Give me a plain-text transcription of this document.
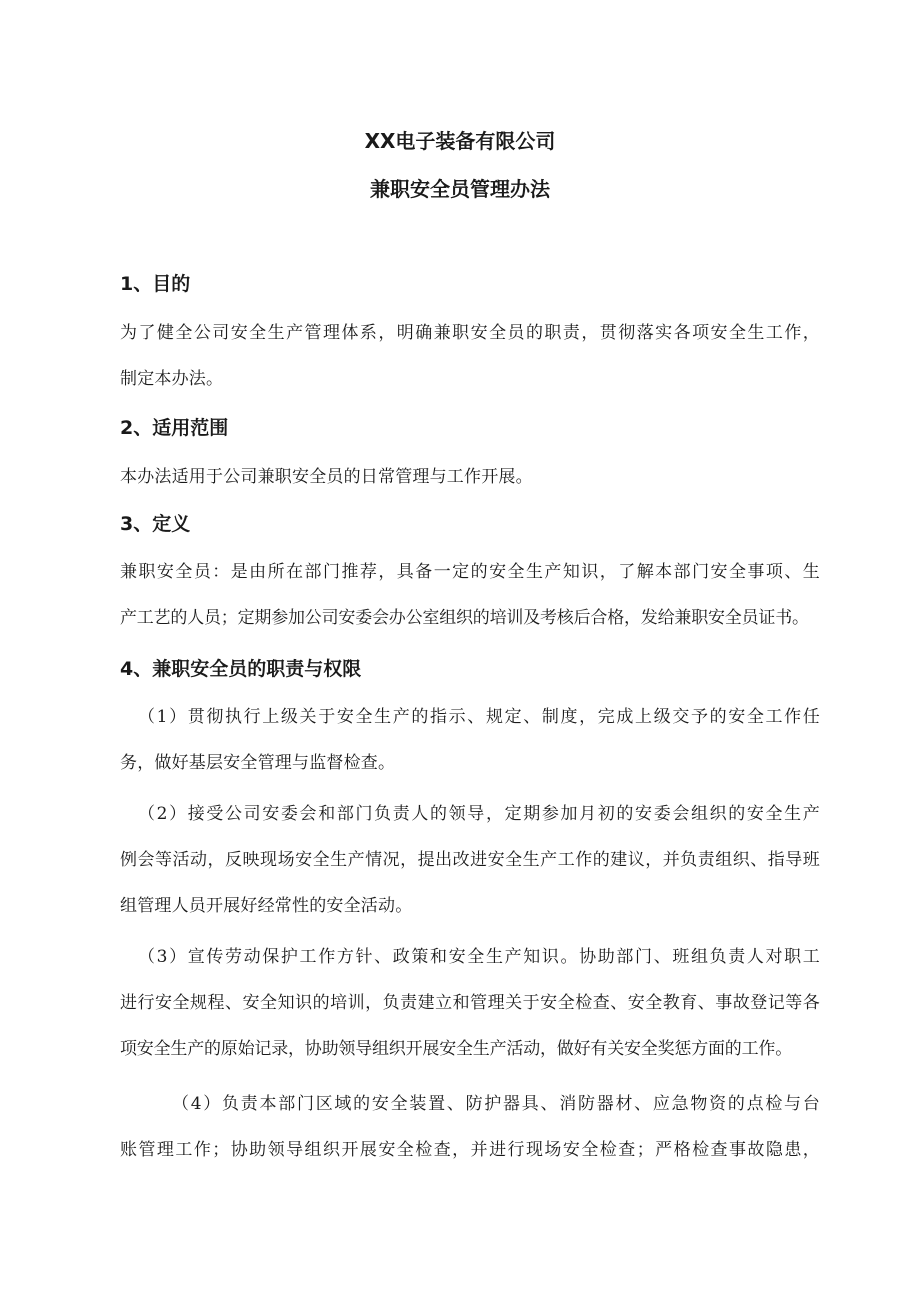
XX电子装备有限公司
兼职安全员管理办法
1、目的
为了健全公司安全生产管理体系，明确兼职安全员的职责，贯彻落实各项安全生工作，
制定本办法。
2、适用范围
本办法适用于公司兼职安全员的日常管理与工作开展。
3、定义
兼职安全员：是由所在部门推荐，具备一定的安全生产知识，了解本部门安全事项、生
产工艺的人员；定期参加公司安委会办公室组织的培训及考核后合格，发给兼职安全员证书。
4、兼职安全员的职责与权限
（1）贯彻执行上级关于安全生产的指示、规定、制度，完成上级交予的安全工作任
务，做好基层安全管理与监督检查。
（2）接受公司安委会和部门负责人的领导，定期参加月初的安委会组织的安全生产
例会等活动，反映现场安全生产情况，提出改进安全生产工作的建议，并负责组织、指导班
组管理人员开展好经常性的安全活动。
（3）宣传劳动保护工作方针、政策和安全生产知识。协助部门、班组负责人对职工
进行安全规程、安全知识的培训，负责建立和管理关于安全检查、安全教育、事故登记等各
项安全生产的原始记录，协助领导组织开展安全生产活动，做好有关安全奖惩方面的工作。
（4）负责本部门区域的安全装置、防护器具、消防器材、应急物资的点检与台
账管理工作；协助领导组织开展安全检查，并进行现场安全检查；严格检查事故隐患，
